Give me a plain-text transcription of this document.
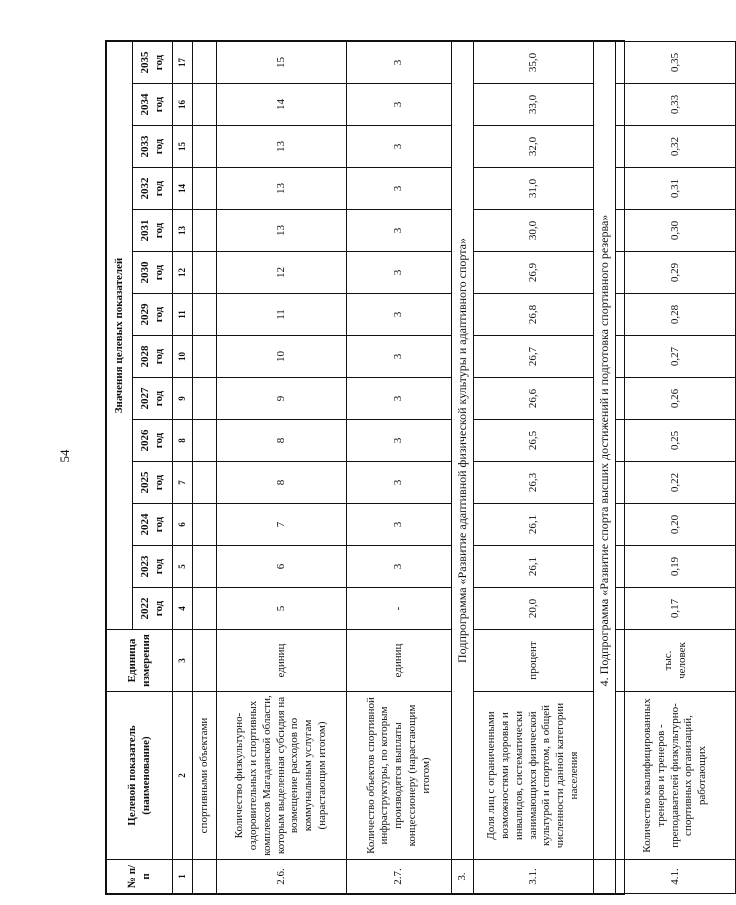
54
№ п/п	Целевой показатель (наименование)	Единица измерения	Значения целевых показателей													
			2022 год	2023 год	2024 год	2025 год	2026 год	2027 год	2028 год	2029 год	2030 год	2031 год	2032 год	2033 год	2034 год	2035 год
1	2	3	4	5	6	7	8	9	10	11	12	13	14	15	16	17
	спортивными объектами															
2.6.	Количество физкультурно-оздоровительных и спортивных комплексов Магаданской области, которым выделенная субсидия на возмещение расходов по коммунальным услугам (нарастающим итогом)	единиц	5	6	7	8	8	9	10	11	12	13	13	13	14	15
2.7.	Количество объектов спортивной инфраструктуры, по которым производятся выплаты концессионеру (нарастающим итогом)	единиц	-	3	3	3	3	3	3	3	3	3	3	3	3	3
3.	Подпрограмма «Развитие адаптивной физической культуры и адаптивного спорта»															
3.1.	Доля лиц с ограниченными возможностями здоровья и инвалидов, систематически занимающихся физической культурой и спортом, в общей численности данной категории населения	процент	20,0	26,1	26,1	26,3	26,5	26,6	26,7	26,8	26,9	30,0	31,0	32,0	33,0	35,0
	4. Подпрограмма «Развитие спорта высших достижений и подготовка спортивного резерва»															
4.1.	Количество квалифицированных тренеров и тренеров - преподавателей физкультурно-спортивных организаций, работающих	тыс. человек	0,17	0,19	0,20	0,22	0,25	0,26	0,27	0,28	0,29	0,30	0,31	0,32	0,33	0,35
